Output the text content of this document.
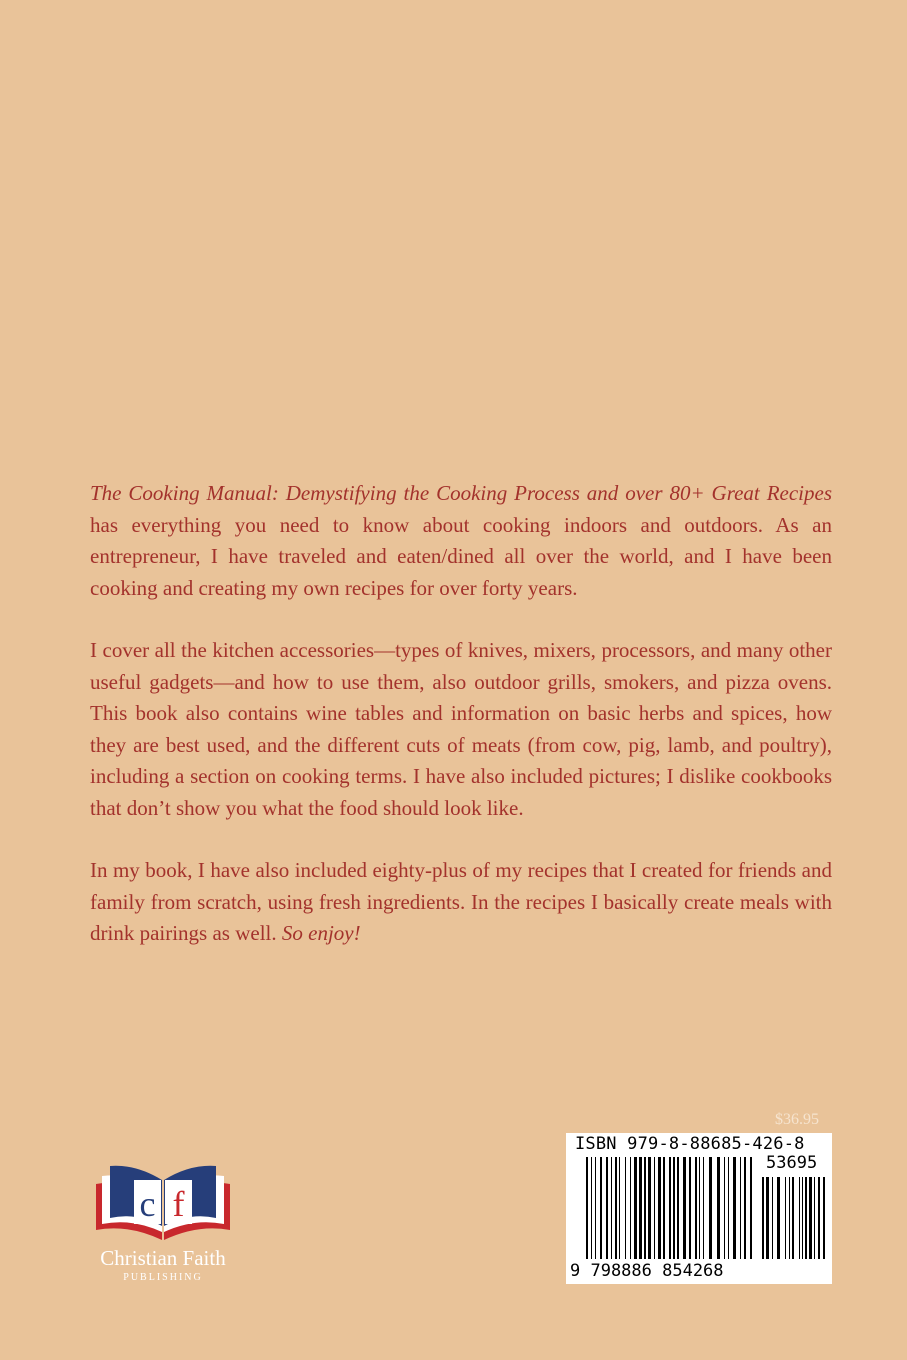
The Cooking Manual: Demystifying the Cooking Process and over 80+ Great Recipes has everything you need to know about cooking indoors and outdoors. As an entrepreneur, I have traveled and eaten/dined all over the world, and I have been cooking and creating my own recipes for over forty years.

I cover all the kitchen accessories—types of knives, mixers, processors, and many other useful gadgets—and how to use them, also outdoor grills, smokers, and pizza ovens. This book also contains wine tables and information on basic herbs and spices, how they are best used, and the different cuts of meats (from cow, pig, lamb, and poultry), including a section on cooking terms. I have also included pictures; I dislike cookbooks that don’t show you what the food should look like.

In my book, I have also included eighty-plus of my recipes that I created for friends and family from scratch, using fresh ingredients. In the recipes I basically create meals with drink pairings as well. So enjoy!

c f
Christian Faith
PUBLISHING
$36.95
ISBN 979-8-88685-426-8
53695
9 798886 854268
